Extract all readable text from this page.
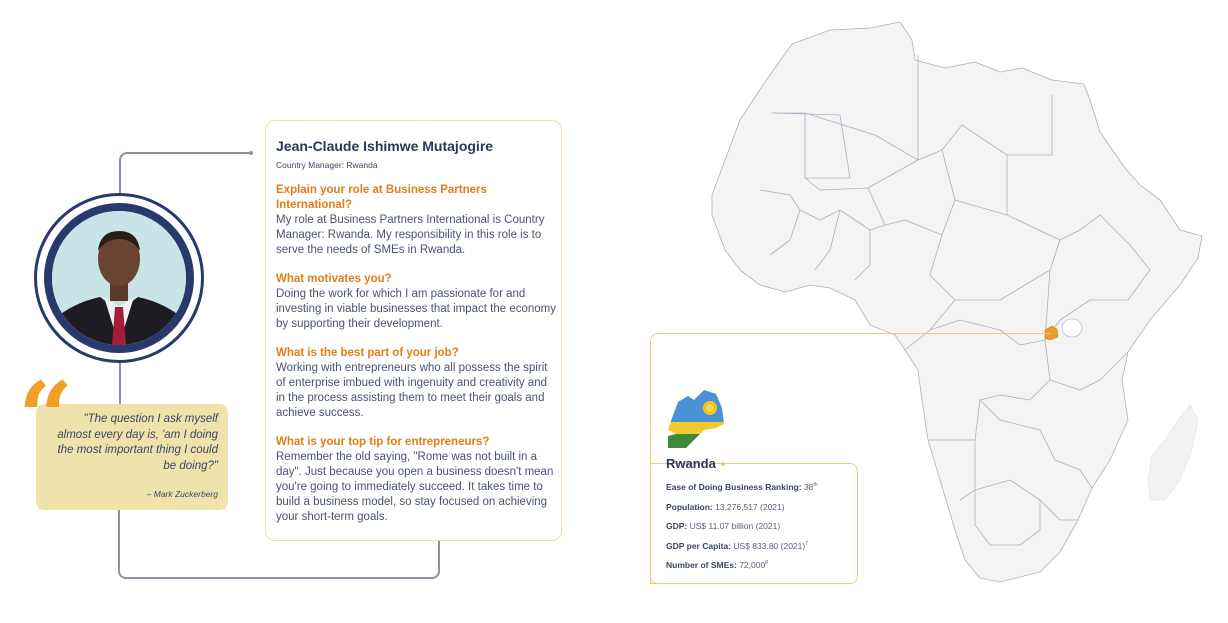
“	"The question I ask myself almost every day is, 'am I doing the most important thing I could be doing?"
– Mark Zuckerberg
Jean-Claude Ishimwe Mutajogire
Country Manager: Rwanda
Explain your role at Business Partners International?
My role at Business Partners International is Country Manager: Rwanda. My responsibility in this role is to serve the needs of SMEs in Rwanda.
What motivates you?
Doing the work for which I am passionate for and investing in viable businesses that impact the economy by supporting their development.
What is the best part of your job?
Working with entrepreneurs who all possess the spirit of enterprise imbued with ingenuity and creativity and in the process assisting them to meet their goals and achieve success.
What is your top tip for entrepreneurs?
Remember the old saying, "Rome was not built in a day". Just because you open a business doesn't mean you're going to immediately succeed. It takes time to build a business model, so stay focused on achieving your short-term goals.
Rwanda
Ease of Doing Business Ranking: 38th
Population: 13,276,517 (2021)
GDP: US$ 11.07 billion (2021)
GDP per Capita: US$ 833.80 $(2021)^7$
Number of SMEs: 72,000$^8$
